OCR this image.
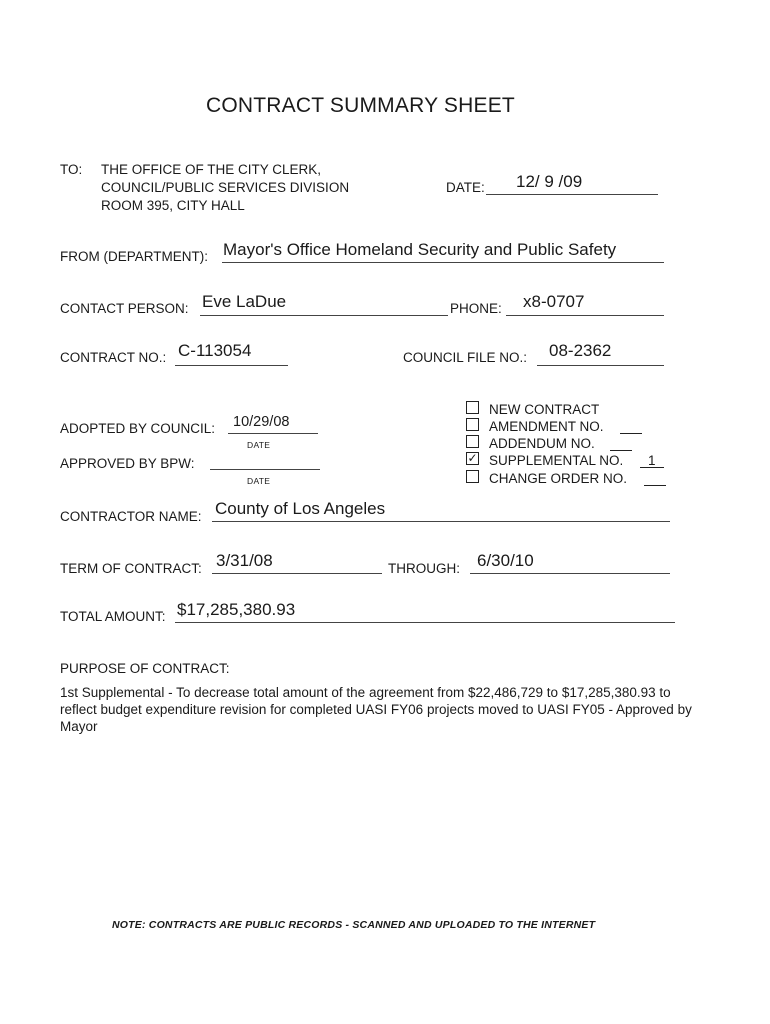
CONTRACT SUMMARY SHEET
TO: THE OFFICE OF THE CITY CLERK,
COUNCIL/PUBLIC SERVICES DIVISION
ROOM 395, CITY HALL
DATE: 12/ 9 /09
FROM (DEPARTMENT): Mayor's Office Homeland Security and Public Safety
CONTACT PERSON: Eve LaDue	PHONE: x8-0707
CONTRACT NO.: C-113054	COUNCIL FILE NO.: 08-2362
ADOPTED BY COUNCIL: 10/29/08
DATE
APPROVED BY BPW:
DATE
NEW CONTRACT
AMENDMENT NO.
ADDENDUM NO.
✓ SUPPLEMENTAL NO. 1
CHANGE ORDER NO.
CONTRACTOR NAME: County of Los Angeles
TERM OF CONTRACT: 3/31/08	THROUGH: 6/30/10
TOTAL AMOUNT: $17,285,380.93
PURPOSE OF CONTRACT:
1st Supplemental - To decrease total amount of the agreement from $22,486,729 to $17,285,380.93 to reflect budget expenditure revision for completed UASI FY06 projects moved to UASI FY05 - Approved by Mayor
NOTE: CONTRACTS ARE PUBLIC RECORDS - SCANNED AND UPLOADED TO THE INTERNET
